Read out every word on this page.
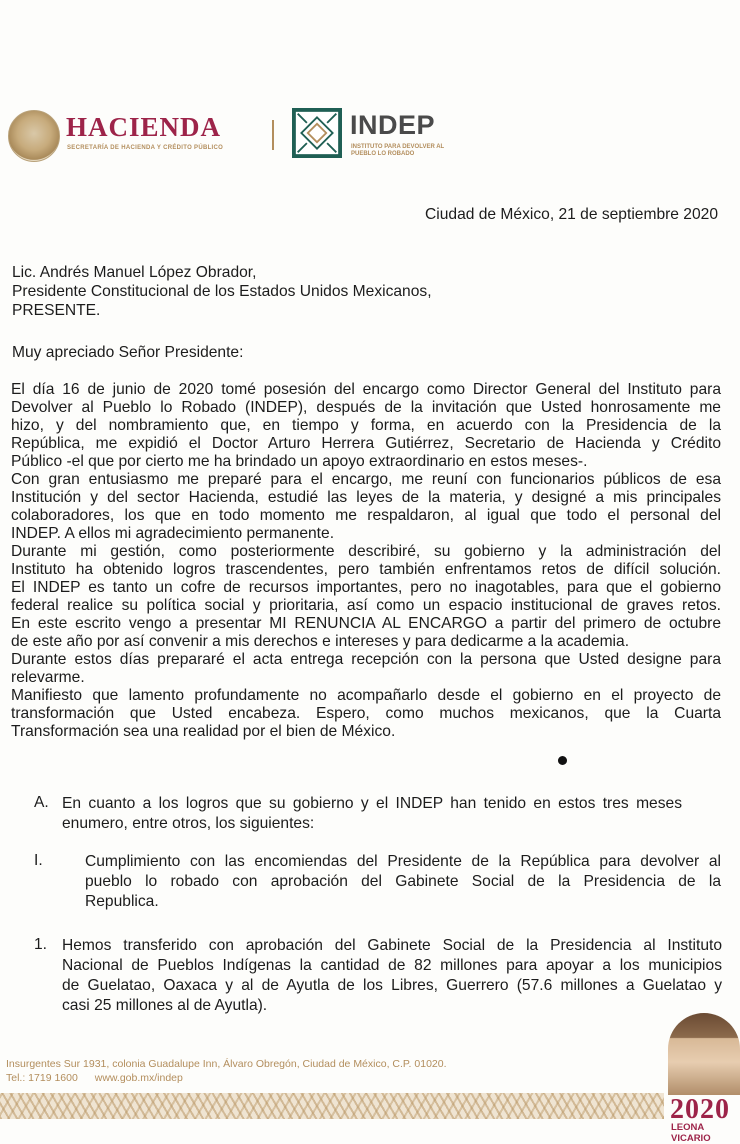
HACIENDA
SECRETARÍA DE HACIENDA Y CRÉDITO PÚBLICO
INDEP
INSTITUTO PARA DEVOLVER AL PUEBLO LO ROBADO
Ciudad de México, 21 de septiembre 2020
Lic. Andrés Manuel López Obrador,
Presidente Constitucional de los Estados Unidos Mexicanos,
PRESENTE.
Muy apreciado Señor Presidente:
El día 16 de junio de 2020 tomé posesión del encargo como Director General del Instituto para
Devolver al Pueblo lo Robado (INDEP), después de la invitación que Usted honrosamente me
hizo, y del nombramiento que, en tiempo y forma, en acuerdo con la Presidencia de la
República, me expidió el Doctor Arturo Herrera Gutiérrez, Secretario de Hacienda y Crédito
Público -el que por cierto me ha brindado un apoyo extraordinario en estos meses-.
Con gran entusiasmo me preparé para el encargo, me reuní con funcionarios públicos de esa
Institución y del sector Hacienda, estudié las leyes de la materia, y designé a mis principales
colaboradores, los que en todo momento me respaldaron, al igual que todo el personal del
INDEP. A ellos mi agradecimiento permanente.
Durante mi gestión, como posteriormente describiré, su gobierno y la administración del
Instituto ha obtenido logros trascendentes, pero también enfrentamos retos de difícil solución.
El INDEP es tanto un cofre de recursos importantes, pero no inagotables, para que el gobierno
federal realice su política social y prioritaria, así como un espacio institucional de graves retos.
En este escrito vengo a presentar MI RENUNCIA AL ENCARGO a partir del primero de octubre
de este año por así convenir a mis derechos e intereses y para dedicarme a la academia.
Durante estos días prepararé el acta entrega recepción con la persona que Usted designe para
relevarme.
Manifiesto que lamento profundamente no acompañarlo desde el gobierno en el proyecto de
transformación que Usted encabeza. Espero, como muchos mexicanos, que la Cuarta
Transformación sea una realidad por el bien de México.
A. En cuanto a los logros que su gobierno y el INDEP han tenido en estos tres meses
enumero, entre otros, los siguientes:
I.	Cumplimiento con las encomiendas del Presidente de la República para devolver al
pueblo lo robado con aprobación del Gabinete Social de la Presidencia de la
Republica.
1. Hemos transferido con aprobación del Gabinete Social de la Presidencia al Instituto
Nacional de Pueblos Indígenas la cantidad de 82 millones para apoyar a los municipios
de Guelatao, Oaxaca y al de Ayutla de los Libres, Guerrero (57.6 millones a Guelatao y
casi 25 millones al de Ayutla).
Insurgentes Sur 1931, colonia Guadalupe Inn, Álvaro Obregón, Ciudad de México, C.P. 01020.
Tel.: 1719 1600 www.gob.mx/indep
2020
LEONA VICARIO
